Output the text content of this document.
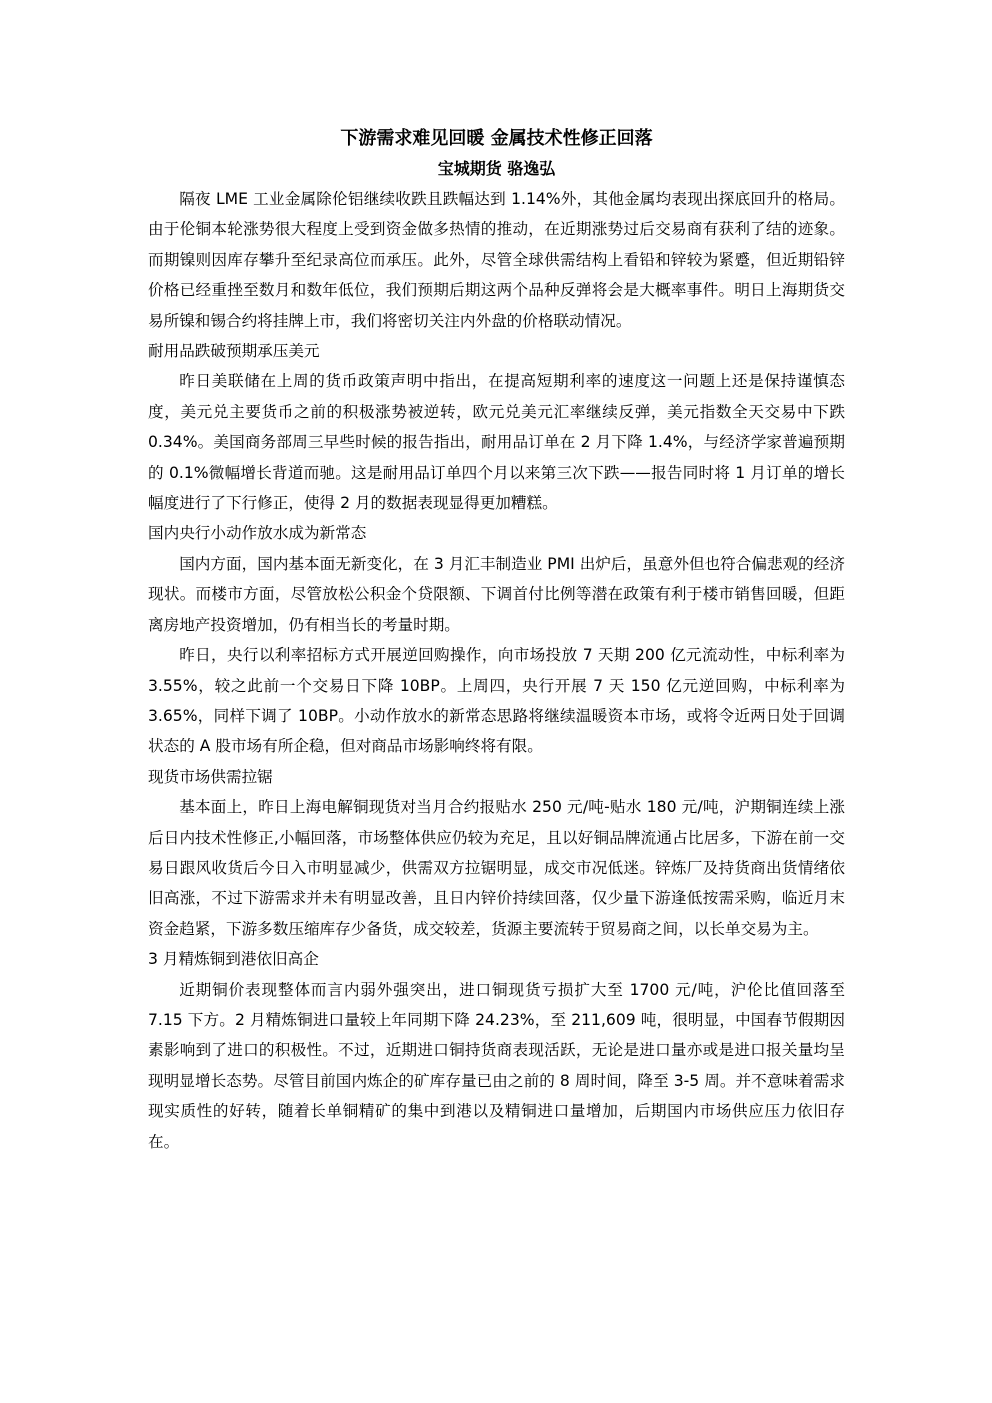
下游需求难见回暖 金属技术性修正回落
宝城期货 骆逸弘

隔夜 LME 工业金属除伦铝继续收跌且跌幅达到 1.14%外，其他金属均表现出探底回升的格局。由于伦铜本轮涨势很大程度上受到资金做多热情的推动，在近期涨势过后交易商有获利了结的迹象。而期镍则因库存攀升至纪录高位而承压。此外，尽管全球供需结构上看铅和锌较为紧蹙，但近期铅锌价格已经重挫至数月和数年低位，我们预期后期这两个品种反弹将会是大概率事件。明日上海期货交易所镍和锡合约将挂牌上市，我们将密切关注内外盘的价格联动情况。

耐用品跌破预期承压美元

昨日美联储在上周的货币政策声明中指出，在提高短期利率的速度这一问题上还是保持谨慎态度，美元兑主要货币之前的积极涨势被逆转，欧元兑美元汇率继续反弹，美元指数全天交易中下跌 0.34%。美国商务部周三早些时候的报告指出，耐用品订单在 2 月下降 1.4%，与经济学家普遍预期的 0.1%微幅增长背道而驰。这是耐用品订单四个月以来第三次下跌——报告同时将 1 月订单的增长幅度进行了下行修正，使得 2 月的数据表现显得更加糟糕。

国内央行小动作放水成为新常态

国内方面，国内基本面无新变化，在 3 月汇丰制造业 PMI 出炉后，虽意外但也符合偏悲观的经济现状。而楼市方面，尽管放松公积金个贷限额、下调首付比例等潜在政策有利于楼市销售回暖，但距离房地产投资增加，仍有相当长的考量时期。

昨日，央行以利率招标方式开展逆回购操作，向市场投放 7 天期 200 亿元流动性，中标利率为 3.55%，较之此前一个交易日下降 10BP。上周四，央行开展 7 天 150 亿元逆回购，中标利率为 3.65%，同样下调了 10BP。小动作放水的新常态思路将继续温暖资本市场，或将令近两日处于回调状态的 A 股市场有所企稳，但对商品市场影响终将有限。

现货市场供需拉锯

基本面上，昨日上海电解铜现货对当月合约报贴水 250 元/吨-贴水 180 元/吨，沪期铜连续上涨后日内技术性修正,小幅回落，市场整体供应仍较为充足，且以好铜品牌流通占比居多，下游在前一交易日跟风收货后今日入市明显减少，供需双方拉锯明显，成交市况低迷。锌炼厂及持货商出货情绪依旧高涨，不过下游需求并未有明显改善，且日内锌价持续回落，仅少量下游逢低按需采购，临近月末资金趋紧，下游多数压缩库存少备货，成交较差，货源主要流转于贸易商之间，以长单交易为主。

3 月精炼铜到港依旧高企

近期铜价表现整体而言内弱外强突出，进口铜现货亏损扩大至 1700 元/吨，沪伦比值回落至 7.15 下方。2 月精炼铜进口量较上年同期下降 24.23%，至 211,609 吨，很明显，中国春节假期因素影响到了进口的积极性。不过，近期进口铜持货商表现活跃，无论是进口量亦或是进口报关量均呈现明显增长态势。尽管目前国内炼企的矿库存量已由之前的 8 周时间，降至 3-5 周。并不意味着需求现实质性的好转，随着长单铜精矿的集中到港以及精铜进口量增加，后期国内市场供应压力依旧存在。
